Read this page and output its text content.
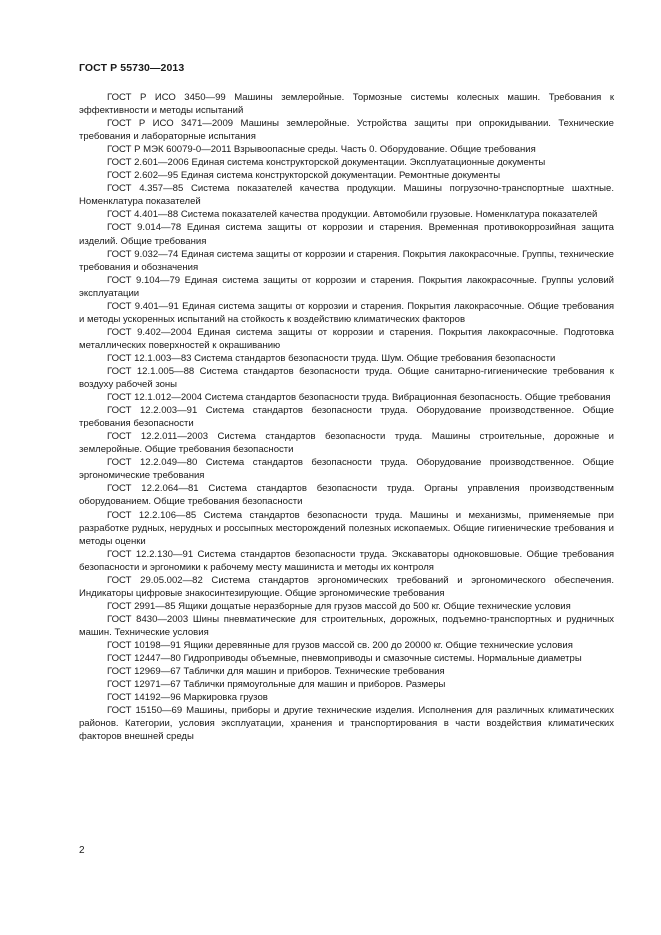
ГОСТ Р 55730—2013

ГОСТ Р ИСО 3450—99 Машины землеройные. Тормозные системы колесных машин. Требования к эффективности и методы испытаний

ГОСТ Р ИСО 3471—2009 Машины землеройные. Устройства защиты при опрокидывании. Технические требования и лабораторные испытания

ГОСТ Р МЭК 60079-0—2011 Взрывоопасные среды. Часть 0. Оборудование. Общие требования

ГОСТ 2.601—2006 Единая система конструкторской документации. Эксплуатационные документы

ГОСТ 2.602—95 Единая система конструкторской документации. Ремонтные документы

ГОСТ 4.357—85 Система показателей качества продукции. Машины погрузочно-транспортные шахтные. Номенклатура показателей

ГОСТ 4.401—88 Система показателей качества продукции. Автомобили грузовые. Номенклатура показателей

ГОСТ 9.014—78 Единая система защиты от коррозии и старения. Временная противокоррозийная защита изделий. Общие требования

ГОСТ 9.032—74 Единая система защиты от коррозии и старения. Покрытия лакокрасочные. Группы, технические требования и обозначения

ГОСТ 9.104—79 Единая система защиты от коррозии и старения. Покрытия лакокрасочные. Группы условий эксплуатации

ГОСТ 9.401—91 Единая система защиты от коррозии и старения. Покрытия лакокрасочные. Общие требования и методы ускоренных испытаний на стойкость к воздействию климатических факторов

ГОСТ 9.402—2004 Единая система защиты от коррозии и старения. Покрытия лакокрасочные. Подготовка металлических поверхностей к окрашиванию

ГОСТ 12.1.003—83 Система стандартов безопасности труда. Шум. Общие требования безопасности

ГОСТ 12.1.005—88 Система стандартов безопасности труда. Общие санитарно-гигиенические требования к воздуху рабочей зоны

ГОСТ 12.1.012—2004 Система стандартов безопасности труда. Вибрационная безопасность. Общие требования

ГОСТ 12.2.003—91 Система стандартов безопасности труда. Оборудование производственное. Общие требования безопасности

ГОСТ 12.2.011—2003 Система стандартов безопасности труда. Машины строительные, дорожные и землеройные. Общие требования безопасности

ГОСТ 12.2.049—80 Система стандартов безопасности труда. Оборудование производственное. Общие эргономические требования

ГОСТ 12.2.064—81 Система стандартов безопасности труда. Органы управления производственным оборудованием. Общие требования безопасности

ГОСТ 12.2.106—85 Система стандартов безопасности труда. Машины и механизмы, применяемые при разработке рудных, нерудных и россыпных месторождений полезных ископаемых. Общие гигиенические требования и методы оценки

ГОСТ 12.2.130—91 Система стандартов безопасности труда. Экскаваторы одноковшовые. Общие требования безопасности и эргономики к рабочему месту машиниста и методы их контроля

ГОСТ 29.05.002—82 Система стандартов эргономических требований и эргономического обеспечения. Индикаторы цифровые знакосинтезирующие. Общие эргономические требования

ГОСТ 2991—85 Ящики дощатые неразборные для грузов массой до 500 кг. Общие технические условия

ГОСТ 8430—2003 Шины пневматические для строительных, дорожных, подъемно-транспортных и рудничных машин. Технические условия

ГОСТ 10198—91 Ящики деревянные для грузов массой св. 200 до 20000 кг. Общие технические условия

ГОСТ 12447—80 Гидроприводы объемные, пневмоприводы и смазочные системы. Нормальные диаметры

ГОСТ 12969—67 Таблички для машин и приборов. Технические требования

ГОСТ 12971—67 Таблички прямоугольные для машин и приборов. Размеры

ГОСТ 14192—96 Маркировка грузов

ГОСТ 15150—69 Машины, приборы и другие технические изделия. Исполнения для различных климатических районов. Категории, условия эксплуатации, хранения и транспортирования в части воздействия климатических факторов внешней среды

2
